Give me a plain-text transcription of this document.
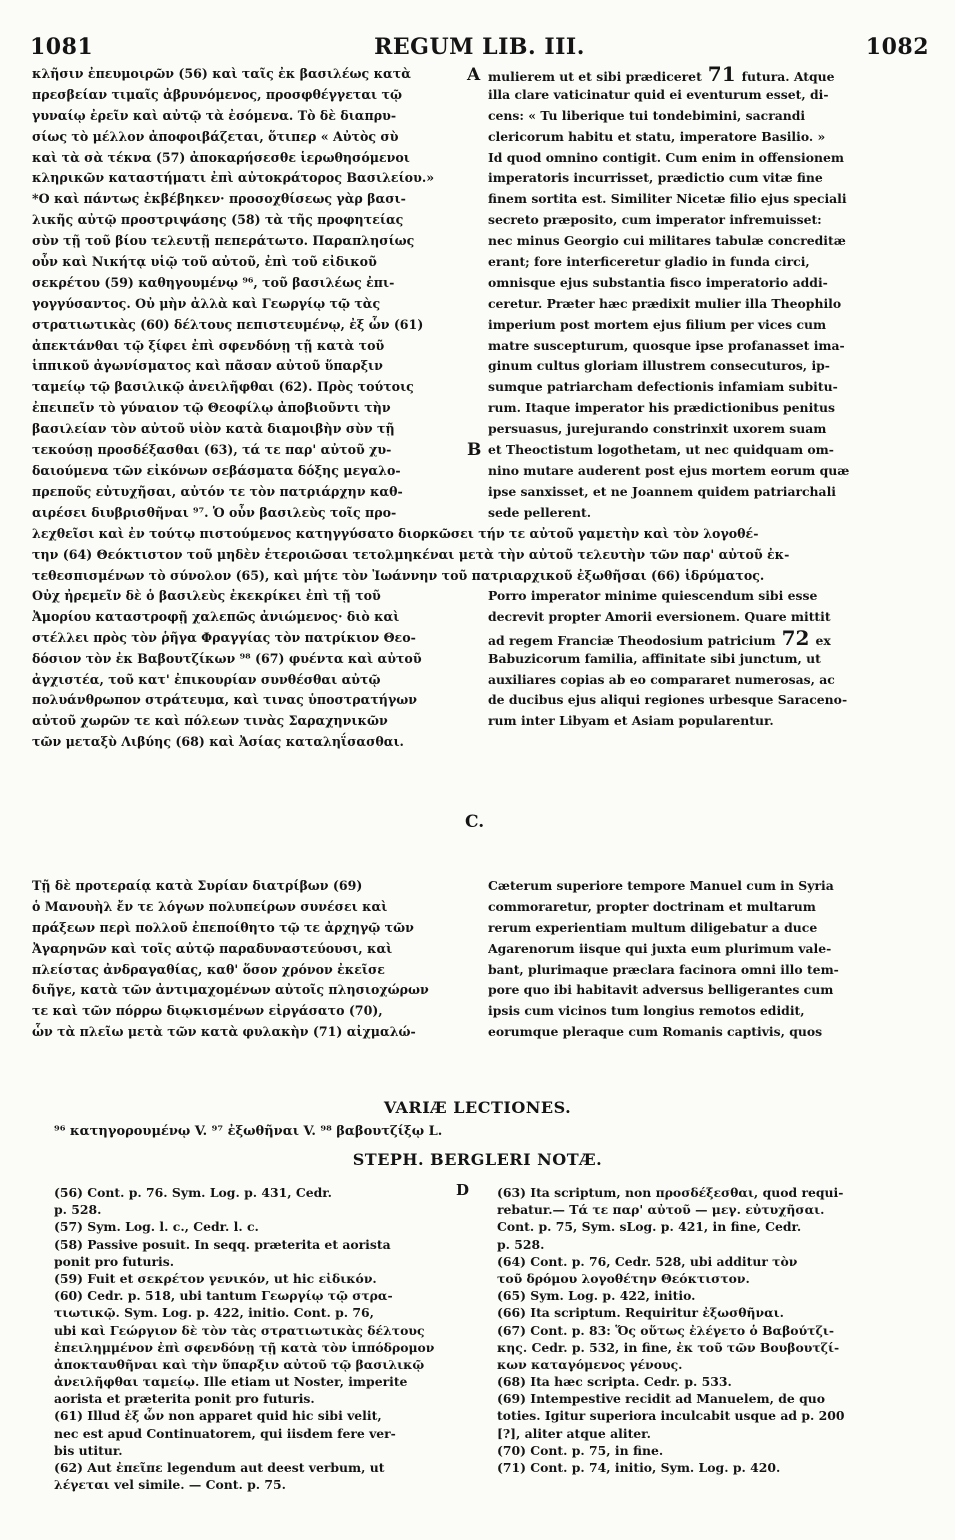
1081	REGUM LIB. III.	1082
κλῆσιν ἐπευμοιρῶν (56) καὶ ταῖς ἐκ βασιλέως κατὰ
πρεσβείαν τιμαῖς ἀβρυνόμενος, προσφθέγγεται τῷ
γυναίῳ ἐρεῖν καὶ αὐτῷ τὰ ἐσόμενα. Τὸ δὲ διαπρυ-
σίως τὸ μέλλον ἀποφοιβάζεται, ὅτιπερ « Αὐτὸς σὺ
καὶ τὰ σὰ τέκνα (57) ἀποκαρήσεσθε ἱερωθησόμενοι
κληρικῶν καταστήματι ἐπὶ αὐτοκράτορος Βασιλείου.»
*Ο καὶ πάντως ἐκβέβηκεν· προσοχθίσεως γὰρ βασι-
λικῆς αὐτῷ προστριψάσης (58) τὰ τῆς προφητείας
σὺν τῇ τοῦ βίου τελευτῇ πεπεράτωτο. Παραπλησίως
οὖν καὶ Νικήτᾳ υἱῷ τοῦ αὐτοῦ, ἐπὶ τοῦ εἰδικοῦ
σεκρέτου (59) καθηγουμένῳ ⁹⁶, τοῦ βασιλέως ἐπι-
γογγύσαντος. Οὐ μὴν ἀλλὰ καὶ Γεωργίῳ τῷ τὰς
στρατιωτικὰς (60) δέλτους πεπιστευμένῳ, ἐξ ὧν (61)
ἀπεκτάνθαι τῷ ξίφει ἐπὶ σφενδόνῃ τῇ κατὰ τοῦ
ἱππικοῦ ἀγωνίσματος καὶ πᾶσαν αὐτοῦ ὕπαρξιν
ταμείῳ τῷ βασιλικῷ ἀνειλῆφθαι (62). Πρὸς τούτοις
ἐπειπεῖν τὸ γύναιον τῷ Θεοφίλῳ ἀποβιοῦντι τὴν
βασιλείαν τὸν αὐτοῦ υἱὸν κατὰ διαμοιβὴν σὺν τῇ
τεκούσῃ προσδέξασθαι (63), τά τε παρ' αὐτοῦ χυ-
δαιούμενα τῶν εἰκόνων σεβάσματα δόξης μεγαλο-
πρεποῦς εὐτυχῆσαι, αὐτόν τε τὸν πατριάρχην καθ-
αιρέσει διυβρισθῆναι ⁹⁷. Ὁ οὖν βασιλεὺς τοῖς προ-
mulierem ut et sibi prædiceret 71 futura. Atque
illa clare vaticinatur quid ei eventurum esset, di-
cens: « Tu liberique tui tondebimini, sacrandi
clericorum habitu et statu, imperatore Basilio. »
Id quod omnino contigit. Cum enim in offensionem
imperatoris incurrisset, prædictio cum vitæ fine
finem sortita est. Similiter Nicetæ filio ejus speciali
secreto præposito, cum imperator infremuisset:
nec minus Georgio cui militares tabulæ concreditæ
erant; fore interficeretur gladio in funda circi,
omnisque ejus substantia fisco imperatorio addi-
ceretur. Præter hæc prædixit mulier illa Theophilo
imperium post mortem ejus filium per vices cum
matre suscepturum, quosque ipse profanasset ima-
ginum cultus gloriam illustrem consecuturos, ip-
sumque patriarcham defectionis infamiam subitu-
rum. Itaque imperator his prædictionibus penitus
persuasus, jurejurando constrinxit uxorem suam
et Theoctistum logothetam, ut nec quidquam om-
nino mutare auderent post ejus mortem eorum quæ
ipse sanxisset, et ne Joannem quidem patriarchali
sede pellerent.
A
B
C.
λεχθεῖσι καὶ ἐν τούτῳ πιστούμενος κατηγγύσατο διορκῶσει τήν τε αὐτοῦ γαμετὴν καὶ τὸν λογοθέ-
την (64) Θεόκτιστον τοῦ μηδὲν ἑτεροιῶσαι τετολμηκέναι μετὰ τὴν αὐτοῦ τελευτὴν τῶν παρ' αὐτοῦ ἐκ-
τεθεσπισμένων τὸ σύνολον (65), καὶ μήτε τὸν Ἰωάννην τοῦ πατριαρχικοῦ ἐξωθῆσαι (66) ἱδρύματος.
Οὐχ ἠρεμεῖν δὲ ὁ βασιλεὺς ἐκεκρίκει ἐπὶ τῇ τοῦ
Ἀμορίου καταστροφῇ χαλεπῶς ἀνιώμενος· διὸ καὶ
στέλλει πρὸς τὸν ῥῆγα Φραγγίας τὸν πατρίκιον Θεο-
δόσιον τὸν ἐκ Βαβουτζίκων ⁹⁸ (67) φυέντα καὶ αὐτοῦ
ἀγχιστέα, τοῦ κατ' ἐπικουρίαν συνθέσθαι αὐτῷ
πολυάνθρωπον στράτευμα, καὶ τινας ὑποστρατήγων
αὐτοῦ χωρῶν τε καὶ πόλεων τινὰς Σαραχηνικῶν
τῶν μεταξὺ Λιβύης (68) καὶ Ἀσίας καταληΐσασθαι.
Porro imperator minime quiescendum sibi esse
decrevit propter Amorii eversionem. Quare mittit
ad regem Franciæ Theodosium patricium 72 ex
Babuzicorum familia, affinitate sibi junctum, ut
auxiliares copias ab eo compararet numerosas, ac
de ducibus ejus aliqui regiones urbesque Saraceno-
rum inter Libyam et Asiam popularentur.
Τῇ δὲ προτεραίᾳ κατὰ Συρίαν διατρίβων (69)
ὁ Μανουὴλ ἔν τε λόγων πολυπείρων συνέσει καὶ
πράξεων περὶ πολλοῦ ἐπεποίθητο τῷ τε ἀρχηγῷ τῶν
Ἀγαρηνῶν καὶ τοῖς αὐτῷ παραδυναστεύουσι, καὶ
πλείστας ἀνδραγαθίας, καθ' ὅσον χρόνον ἐκεῖσε
διῆγε, κατὰ τῶν ἀντιμαχομένων αὐτοῖς πλησιοχώρων
τε καὶ τῶν πόρρω διῳκισμένων εἰργάσατο (70),
ὧν τὰ πλεῖω μετὰ τῶν κατὰ φυλακὴν (71) αἰχμαλώ-
Cæterum superiore tempore Manuel cum in Syria
commoraretur, propter doctrinam et multarum
rerum experientiam multum diligebatur a duce
Agarenorum iisque qui juxta eum plurimum vale-
bant, plurimaque præclara facinora omni illo tem-
pore quo ibi habitavit adversus belligerantes cum
ipsis cum vicinos tum longius remotos edidit,
eorumque pleraque cum Romanis captivis, quos
VARIÆ LECTIONES.
⁹⁶ κατηγορουμένῳ V. ⁹⁷ ἐξωθῆναι V. ⁹⁸ βαβουτζίξῳ L.
STEPH. BERGLERI NOTÆ.
D
(56) Cont. p. 76. Sym. Log. p. 431, Cedr.
p. 528.
(57) Sym. Log. l. c., Cedr. l. c.
(58) Passive posuit. In seqq. præterita et aorista
ponit pro futuris.
(59) Fuit et σεκρέτον γενικόν, ut hic εἰδικόν.
(60) Cedr. p. 518, ubi tantum Γεωργίῳ τῷ στρα-
τιωτικῷ. Sym. Log. p. 422, initio. Cont. p. 76,
ubi καὶ Γεώργιον δὲ τὸν τὰς στρατιωτικὰς δέλτους
ἐπειλημμένον ἐπὶ σφενδόνῃ τῇ κατὰ τὸν ἱππόδρομον
ἀποκταυθῆναι καὶ τὴν ὕπαρξιν αὐτοῦ τῷ βασιλικῷ
ἀνειλῆφθαι ταμείῳ. Ille etiam ut Noster, imperite
aorista et præterita ponit pro futuris.
(61) Illud ἐξ ὧν non apparet quid hic sibi velit,
nec est apud Continuatorem, qui iisdem fere ver-
bis utitur.
(62) Aut ἐπεῖπε legendum aut deest verbum, ut
λέγεται vel simile. — Cont. p. 75.
(63) Ita scriptum, non προσδέξεσθαι, quod requi-
rebatur.— Τά τε παρ' αὐτοῦ — μεγ. εὐτυχῆσαι.
Cont. p. 75, Sym. sLog. p. 421, in fine, Cedr.
p. 528.
(64) Cont. p. 76, Cedr. 528, ubi additur τὸν
τοῦ δρόμου λογοθέτην Θεόκτιστον.
(65) Sym. Log. p. 422, initio.
(66) Ita scriptum. Requiritur ἐξωσθῆναι.
(67) Cont. p. 83: Ὅς οὕτως ἐλέγετο ὁ Βαβούτζι-
κης. Cedr. p. 532, in fine, ἐκ τοῦ τῶν Βουβουτζί-
κων καταγόμενος γένους.
(68) Ita hæc scripta. Cedr. p. 533.
(69) Intempestive recidit ad Manuelem, de quo
toties. Igitur superiora inculcabit usque ad p. 200
[?], aliter atque aliter.
(70) Cont. p. 75, in fine.
(71) Cont. p. 74, initio, Sym. Log. p. 420.
